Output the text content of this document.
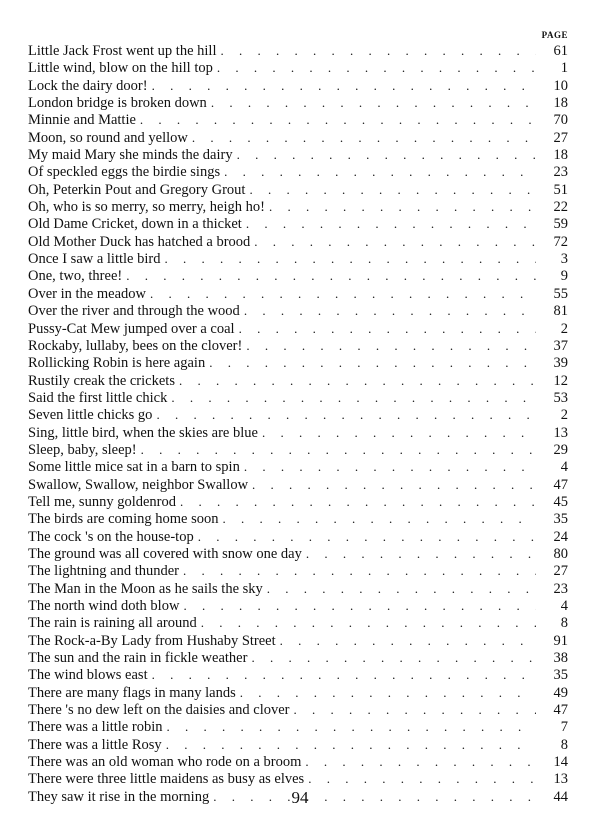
PAGE
Little Jack Frost went up the hill . . .	61
Little wind, blow on the hill top . . .	1
Lock the dairy door! . . .	10
London bridge is broken down . . .	18
Minnie and Mattie . . .	70
Moon, so round and yellow . . .	27
My maid Mary she minds the dairy . . .	18
Of speckled eggs the birdie sings . . .	23
Oh, Peterkin Pout and Gregory Grout . . .	51
Oh, who is so merry, so merry, heigh ho! . . .	22
Old Dame Cricket, down in a thicket . . .	59
Old Mother Duck has hatched a brood . . .	72
Once I saw a little bird . . .	3
One, two, three! . . .	9
Over in the meadow . . .	55
Over the river and through the wood . . .	81
Pussy-Cat Mew jumped over a coal . . .	2
Rockaby, lullaby, bees on the clover! . . .	37
Rollicking Robin is here again . . .	39
Rustily creak the crickets . . .	12
Said the first little chick . . .	53
Seven little chicks go . . .	2
Sing, little bird, when the skies are blue . . .	13
Sleep, baby, sleep! . . .	29
Some little mice sat in a barn to spin . . .	4
Swallow, Swallow, neighbor Swallow . . .	47
Tell me, sunny goldenrod . . .	45
The birds are coming home soon . . .	35
The cock 's on the house-top . . .	24
The ground was all covered with snow one day . . .	80
The lightning and thunder . . .	27
The Man in the Moon as he sails the sky . . .	23
The north wind doth blow . . .	4
The rain is raining all around . . .	8
The Rock-a-By Lady from Hushaby Street . . .	91
The sun and the rain in fickle weather . . .	38
The wind blows east . . .	35
There are many flags in many lands . . .	49
There 's no dew left on the daisies and clover . . .	47
There was a little robin . . .	7
There was a little Rosy . . .	8
There was an old woman who rode on a broom . . .	14
There were three little maidens as busy as elves . . .	13
They saw it rise in the morning . . .	44
94
